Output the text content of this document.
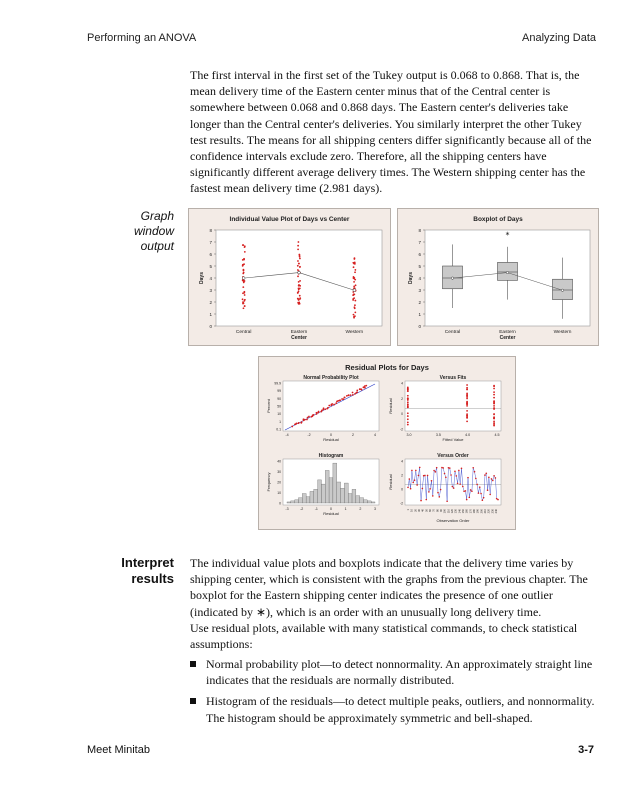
Performing an ANOVA	Analyzing Data
The first interval in the first set of the Tukey output is 0.068 to 0.868. That is, the mean delivery time of the Eastern center minus that of the Central center is somewhere between 0.068 and 0.868 days. The Eastern center's deliveries take longer than the Central center's deliveries. You similarly interpret the other Tukey test results. The means for all shipping centers differ significantly because all of the confidence intervals exclude zero. Therefore, all the shipping centers have significantly different average delivery times. The Western shipping center has the fastest mean delivery time (2.981 days).
Graph
window
output
Individual Value Plot of Days vs Center
0
1
2
3
4
5
6
7
8
Central	Eastern	Western
Center
Days
Boxplot of Days
0
1
2
3
4
5
6
7
8
Central	Eastern	Western
Center
Days
∗
Residual Plots for Days
Normal Probability Plot
99.9
99
90
50
10
1
0.1
-4	-2	0	2	4
Residual
Percent
Versus Fits
4
2
0
-2
3.0	3.5	4.0	4.5
Fitted Value
Residual
Histogram
40
30
20
10
0
-3	-2	-1	0	1	2	3
Residual
Frequency
Versus Order
4
2
0
-2
1 10 20 30 40 50 60 70 80 90 100 110 120 130 140 150 160 170 180 190 200 210 220 230 240
Observation Order
Residual
Interpret
results
The individual value plots and boxplots indicate that the delivery time varies by shipping center, which is consistent with the graphs from the previous chapter. The boxplot for the Eastern shipping center indicates the presence of one outlier (indicated by ∗), which is an order with an unusually long delivery time.
Use residual plots, available with many statistical commands, to check statistical assumptions:
Normal probability plot—to detect nonnormality. An approximately straight line indicates that the residuals are normally distributed.
Histogram of the residuals—to detect multiple peaks, outliers, and nonnormality. The histogram should be approximately symmetric and bell-shaped.
Meet Minitab	3-7
